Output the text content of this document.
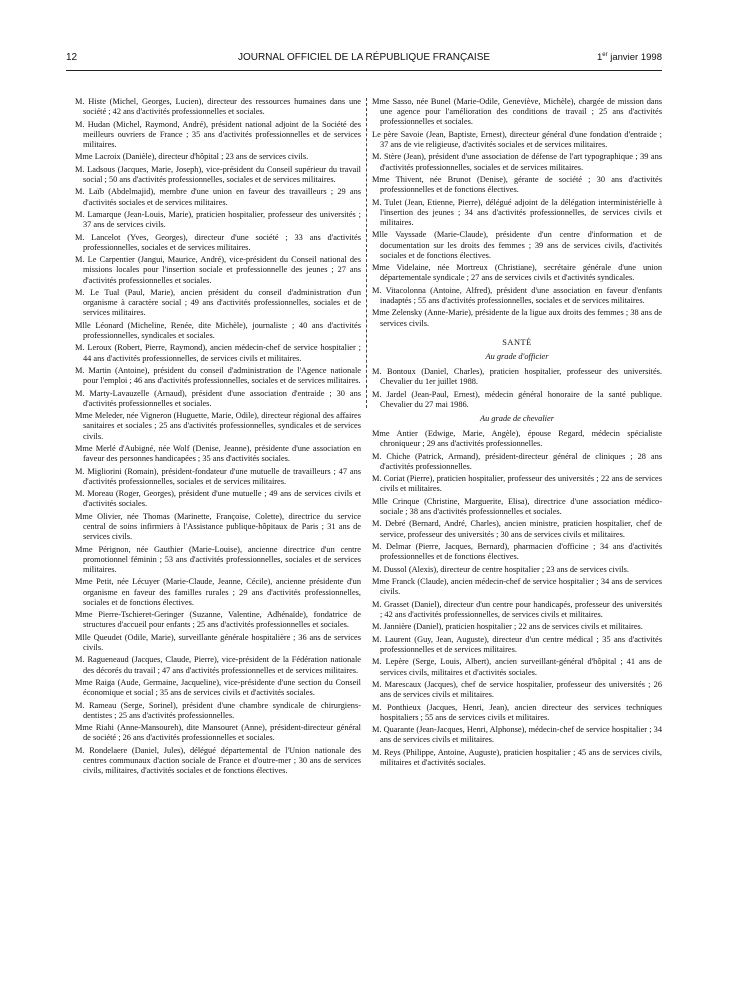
12	JOURNAL OFFICIEL DE LA RÉPUBLIQUE FRANÇAISE	1er janvier 1998

M. Histe (Michel, Georges, Lucien), directeur des ressources humaines dans une société ; 42 ans d'activités professionnelles et sociales.

M. Hudan (Michel, Raymond, André), président national adjoint de la Société des meilleurs ouvriers de France ; 35 ans d'activités professionnelles et de services militaires.

Mme Lacroix (Danièle), directeur d'hôpital ; 23 ans de services civils.

M. Ladsous (Jacques, Marie, Joseph), vice-président du Conseil supérieur du travail social ; 50 ans d'activités professionnelles, sociales et de services militaires.

M. Laïb (Abdelmajid), membre d'une union en faveur des travailleurs ; 29 ans d'activités sociales et de services militaires.

M. Lamarque (Jean-Louis, Marie), praticien hospitalier, professeur des universités ; 37 ans de services civils.

M. Lancelot (Yves, Georges), directeur d'une société ; 33 ans d'activités professionnelles, sociales et de services militaires.

M. Le Carpentier (Jangui, Maurice, André), vice-président du Conseil national des missions locales pour l'insertion sociale et professionnelle des jeunes ; 27 ans d'activités professionnelles et sociales.

M. Le Tual (Paul, Marie), ancien président du conseil d'administration d'un organisme à caractère social ; 49 ans d'activités professionnelles, sociales et de services militaires.

Mlle Léonard (Micheline, Renée, dite Michèle), journaliste ; 40 ans d'activités professionnelles, syndicales et sociales.

M. Leroux (Robert, Pierre, Raymond), ancien médecin-chef de service hospitalier ; 44 ans d'activités professionnelles, de services civils et militaires.

M. Martin (Antoine), président du conseil d'administration de l'Agence nationale pour l'emploi ; 46 ans d'activités professionnelles, sociales et de services militaires.

M. Marty-Lavauzelle (Arnaud), président d'une association d'entraide ; 30 ans d'activités professionnelles et sociales.

Mme Meleder, née Vigneron (Huguette, Marie, Odile), directeur régional des affaires sanitaires et sociales ; 25 ans d'activités professionnelles, syndicales et de services civils.

Mme Merlé d'Aubigné, née Wolf (Denise, Jeanne), présidente d'une association en faveur des personnes handicapées ; 35 ans d'activités sociales.

M. Migliorini (Romain), président-fondateur d'une mutuelle de travailleurs ; 47 ans d'activités professionnelles, sociales et de services militaires.

M. Moreau (Roger, Georges), président d'une mutuelle ; 49 ans de services civils et d'activités sociales.

Mme Olivier, née Thomas (Marinette, Françoise, Colette), directrice du service central de soins infirmiers à l'Assistance publique-hôpitaux de Paris ; 31 ans de services civils.

Mme Pérignon, née Gauthier (Marie-Louise), ancienne directrice d'un centre promotionnel féminin ; 53 ans d'activités professionnelles, sociales et de services militaires.

Mme Petit, née Lécuyer (Marie-Claude, Jeanne, Cécile), ancienne présidente d'un organisme en faveur des familles rurales ; 29 ans d'activités professionnelles, sociales et de fonctions électives.

Mme Pierre-Tschieret-Geringer (Suzanne, Valentine, Adhénaïde), fondatrice de structures d'accueil pour enfants ; 25 ans d'activités professionnelles et sociales.

Mlle Queudet (Odile, Marie), surveillante générale hospitalière ; 36 ans de services civils.

M. Ragueneaud (Jacques, Claude, Pierre), vice-président de la Fédération nationale des décorés du travail ; 47 ans d'activités professionnelles et de services militaires.

Mme Raiga (Aude, Germaine, Jacqueline), vice-présidente d'une section du Conseil économique et social ; 35 ans de services civils et d'activités sociales.

M. Rameau (Serge, Sorinel), président d'une chambre syndicale de chirurgiens-dentistes ; 25 ans d'activités professionnelles.

Mme Riahi (Anne-Mansoureh), dite Mansouret (Anne), président-directeur général de société ; 26 ans d'activités professionnelles et sociales.

M. Rondelaere (Daniel, Jules), délégué départemental de l'Union nationale des centres communaux d'action sociale de France et d'outre-mer ; 30 ans de services civils, militaires, d'activités sociales et de fonctions électives.

Mme Sasso, née Bunel (Marie-Odile, Geneviève, Michèle), chargée de mission dans une agence pour l'amélioration des conditions de travail ; 25 ans d'activités professionnelles et sociales.

Le père Savoie (Jean, Baptiste, Ernest), directeur général d'une fondation d'entraide ; 37 ans de vie religieuse, d'activités sociales et de services militaires.

M. Stère (Jean), président d'une association de défense de l'art typographique ; 39 ans d'activités professionnelles, sociales et de services militaires.

Mme Thivent, née Brunot (Denise), gérante de société ; 30 ans d'activités professionnelles et de fonctions électives.

M. Tulet (Jean, Etienne, Pierre), délégué adjoint de la délégation interministérielle à l'insertion des jeunes ; 34 ans d'activités professionnelles, de services civils et militaires.

Mlle Vayssade (Marie-Claude), présidente d'un centre d'information et de documentation sur les droits des femmes ; 39 ans de services civils, d'activités sociales et de fonctions électives.

Mme Videlaine, née Mortreux (Christiane), secrétaire générale d'une union départementale syndicale ; 27 ans de services civils et d'activités syndicales.

M. Vitacolonna (Antoine, Alfred), président d'une association en faveur d'enfants inadaptés ; 55 ans d'activités professionnelles, sociales et de services militaires.

Mme Zelensky (Anne-Marie), présidente de la ligue aux droits des femmes ; 38 ans de services civils.

SANTÉ
Au grade d'officier

M. Bontoux (Daniel, Charles), praticien hospitalier, professeur des universités. Chevalier du 1er juillet 1988.

M. Jardel (Jean-Paul, Ernest), médecin général honoraire de la santé publique. Chevalier du 27 mai 1986.

Au grade de chevalier

Mme Antier (Edwige, Marie, Angèle), épouse Regard, médecin spécialiste chroniqueur ; 29 ans d'activités professionnelles.

M. Chiche (Patrick, Armand), président-directeur général de cliniques ; 28 ans d'activités professionnelles.

M. Coriat (Pierre), praticien hospitalier, professeur des universités ; 22 ans de services civils et militaires.

Mlle Crinque (Christine, Marguerite, Elisa), directrice d'une association médico-sociale ; 38 ans d'activités professionnelles et sociales.

M. Debré (Bernard, André, Charles), ancien ministre, praticien hospitalier, chef de service, professeur des universités ; 30 ans de services civils et militaires.

M. Delmar (Pierre, Jacques, Bernard), pharmacien d'officine ; 34 ans d'activités professionnelles et de fonctions électives.

M. Dussol (Alexis), directeur de centre hospitalier ; 23 ans de services civils.

Mme Franck (Claude), ancien médecin-chef de service hospitalier ; 34 ans de services civils.

M. Grasset (Daniel), directeur d'un centre pour handicapés, professeur des universités ; 42 ans d'activités professionnelles, de services civils et militaires.

M. Jannière (Daniel), praticien hospitalier ; 22 ans de services civils et militaires.

M. Laurent (Guy, Jean, Auguste), directeur d'un centre médical ; 35 ans d'activités professionnelles et de services militaires.

M. Lepère (Serge, Louis, Albert), ancien surveillant-général d'hôpital ; 41 ans de services civils, militaires et d'activités sociales.

M. Marescaux (Jacques), chef de service hospitalier, professeur des universités ; 26 ans de services civils et militaires.

M. Ponthieux (Jacques, Henri, Jean), ancien directeur des services techniques hospitaliers ; 55 ans de services civils et militaires.

M. Quarante (Jean-Jacques, Henri, Alphonse), médecin-chef de service hospitalier ; 34 ans de services civils et militaires.

M. Reys (Philippe, Antoine, Auguste), praticien hospitalier ; 45 ans de services civils, militaires et d'activités sociales.
